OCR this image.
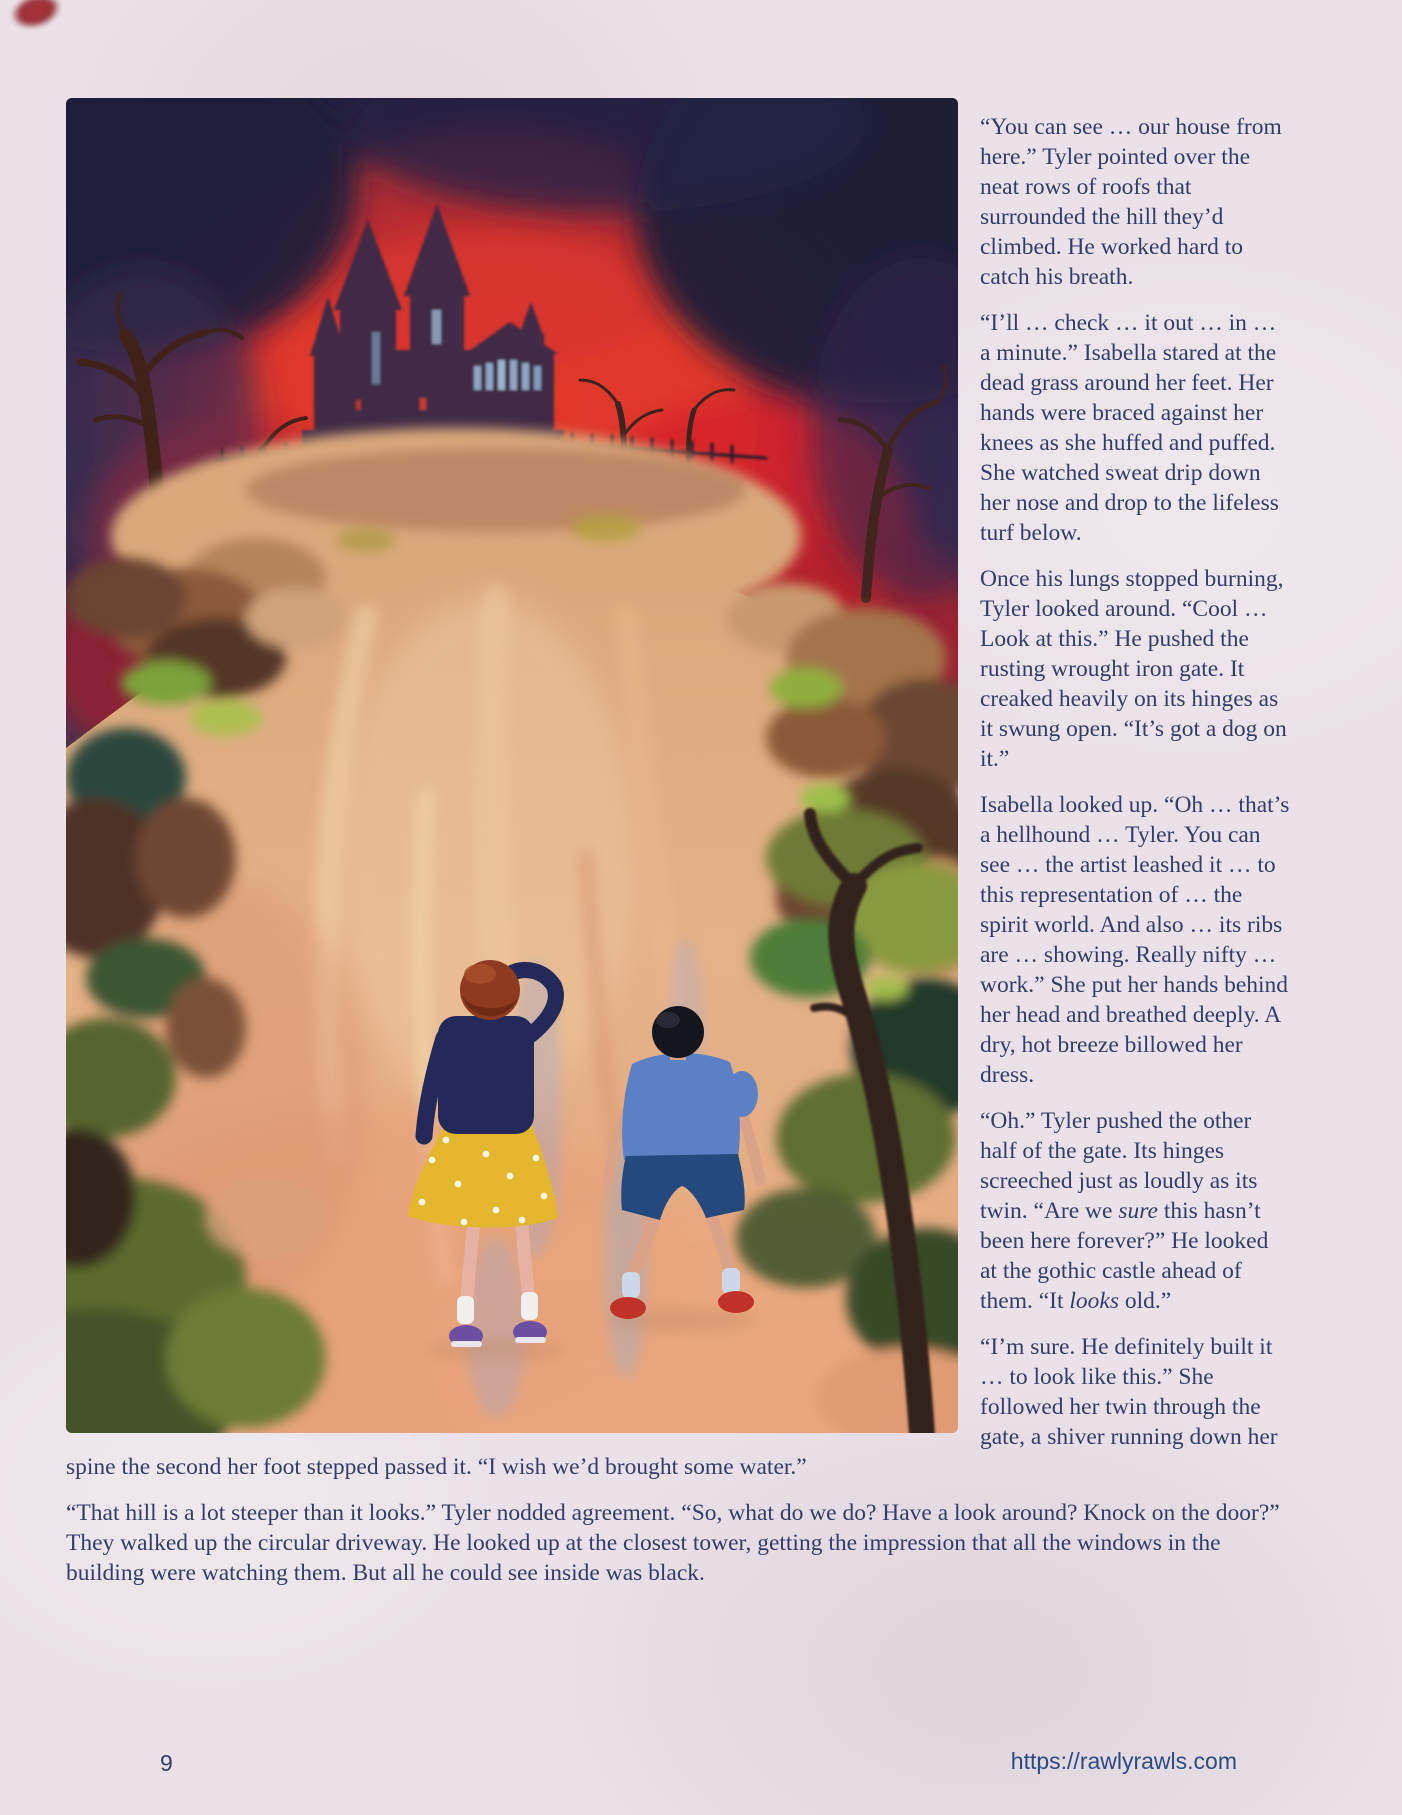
“You can see … our house from here.” Tyler pointed over the neat rows of roofs that surrounded the hill they’d climbed. He worked hard to catch his breath.

“I’ll … check … it out … in … a minute.” Isabella stared at the dead grass around her feet. Her hands were braced against her knees as she huffed and puffed. She watched sweat drip down her nose and drop to the lifeless turf below.

Once his lungs stopped burning, Tyler looked around. “Cool … Look at this.” He pushed the rusting wrought iron gate. It creaked heavily on its hinges as it swung open. “It’s got a dog on it.”

Isabella looked up. “Oh … that’s a hellhound … Tyler. You can see … the artist leashed it … to this representation of … the spirit world. And also … its ribs are … showing. Really nifty … work.” She put her hands behind her head and breathed deeply. A dry, hot breeze billowed her dress.

“Oh.” Tyler pushed the other half of the gate. Its hinges screeched just as loudly as its twin. “Are we sure this hasn’t been here forever?” He looked at the gothic castle ahead of them. “It looks old.”

“I’m sure. He definitely built it … to look like this.” She followed her twin through the gate, a shiver running down her spine the second her foot stepped passed it. “I wish we’d brought some water.”

“That hill is a lot steeper than it looks.” Tyler nodded agreement. “So, what do we do? Have a look around? Knock on the door?” They walked up the circular driveway. He looked up at the closest tower, getting the impression that all the windows in the building were watching them. But all he could see inside was black.

9	https://rawlyrawls.com
